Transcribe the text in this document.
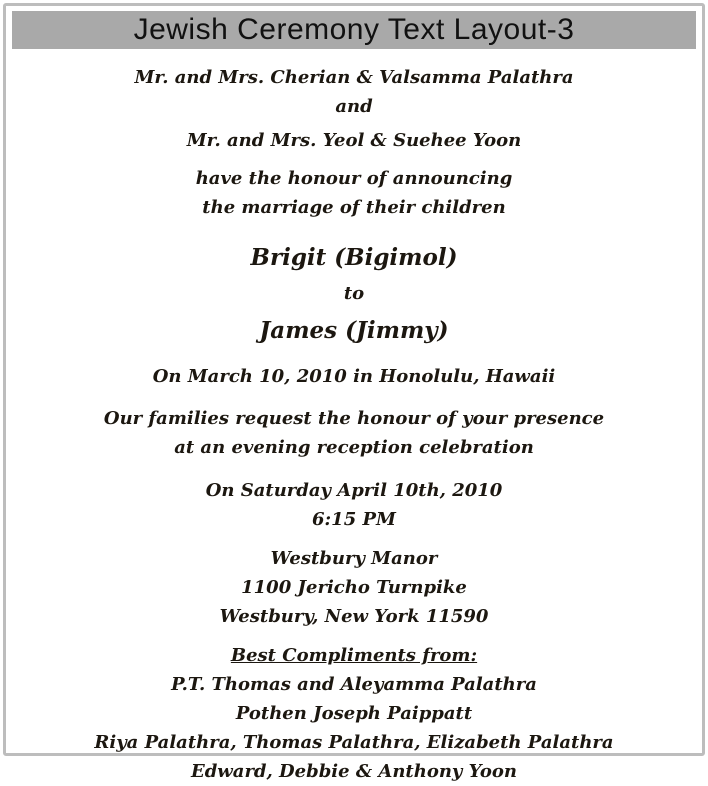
Jewish Ceremony Text Layout-3
Mr. and Mrs. Cherian & Valsamma Palathra
and
Mr. and Mrs. Yeol & Suehee Yoon
have the honour of announcing
the marriage of their children
Brigit (Bigimol)
to
James (Jimmy)
On March 10, 2010 in Honolulu, Hawaii
Our families request the honour of your presence
at an evening reception celebration
On Saturday April 10th, 2010
6:15 PM
Westbury Manor
1100 Jericho Turnpike
Westbury, New York 11590
Best Compliments from:
P.T. Thomas and Aleyamma Palathra
Pothen Joseph Paippatt
Riya Palathra, Thomas Palathra, Elizabeth Palathra
Edward, Debbie & Anthony Yoon
